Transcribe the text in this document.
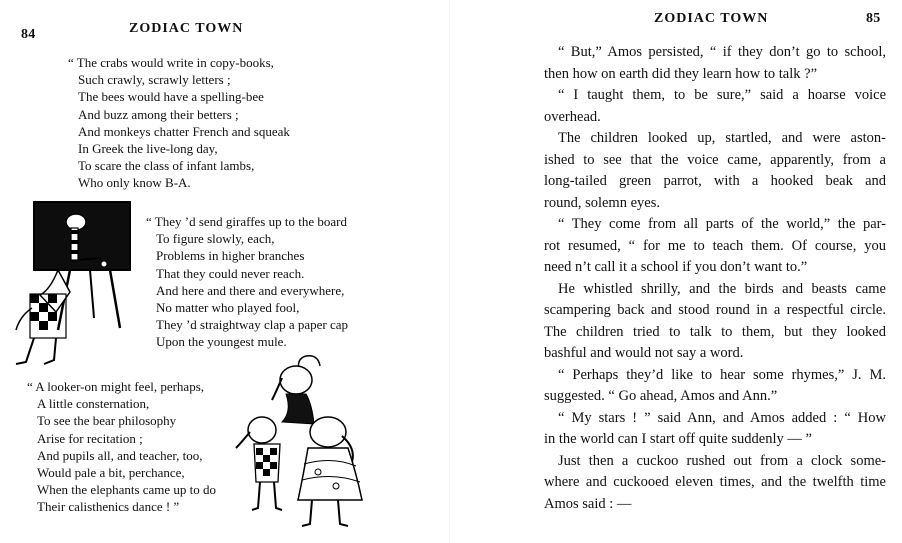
84	ZODIAC TOWN
“ The crabs would write in copy-books,
Such crawly, scrawly letters ;
The bees would have a spelling-bee
And buzz among their betters ;
And monkeys chatter French and squeak
In Greek the live-long day,
To scare the class of infant lambs,
Who only know B-A.
“ They ’d send giraffes up to the board
To figure slowly, each,
Problems in higher branches
That they could never reach.
And here and there and everywhere,
No matter who played fool,
They ’d straightway clap a paper cap
Upon the youngest mule.
“ A looker-on might feel, perhaps,
A little consternation,
To see the bear philosophy
Arise for recitation ;
And pupils all, and teacher, too,
Would pale a bit, perchance,
When the elephants came up to do
Their calisthenics dance ! ”
ZODIAC TOWN	85
“ But,” Amos persisted, “ if they don’t go to school,
then how on earth did they learn how to talk ?”
“ I taught them, to be sure,” said a hoarse voice
overhead.
The children looked up, startled, and were aston-
ished to see that the voice came, apparently, from a
long-tailed green parrot, with a hooked beak and
round, solemn eyes.
“ They come from all parts of the world,” the par-
rot resumed, “ for me to teach them. Of course, you
need n’t call it a school if you don’t want to.”
He whistled shrilly, and the birds and beasts came
scampering back and stood round in a respectful circle.
The children tried to talk to them, but they looked
bashful and would not say a word.
“ Perhaps they’d like to hear some rhymes,” J. M.
suggested. “ Go ahead, Amos and Ann.”
“ My stars ! ” said Ann, and Amos added : “ How
in the world can I start off quite suddenly — ”
Just then a cuckoo rushed out from a clock some-
where and cuckooed eleven times, and the twelfth time
Amos said : —
